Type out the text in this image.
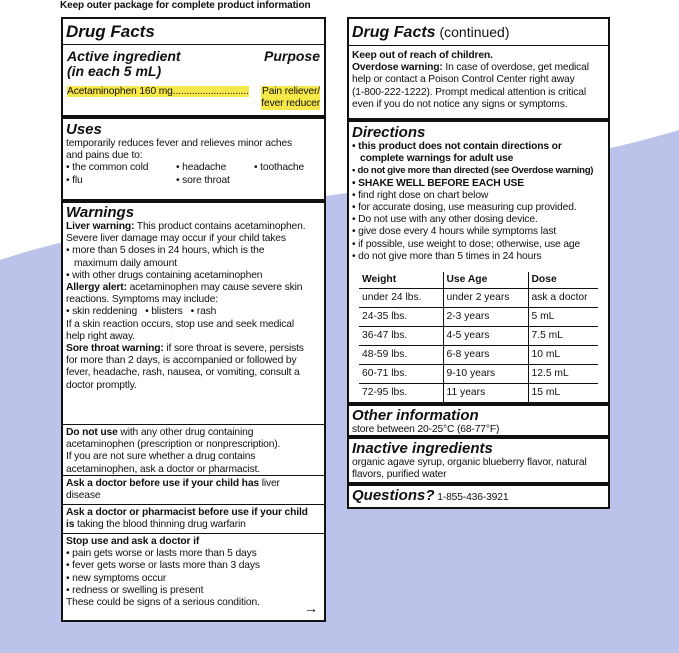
Keep outer package for complete product information
Drug Facts
Active ingredient
(in each 5 mL)
Purpose
Acetaminophen 160 mg............................	Pain reliever/
fever reducer
Uses
temporarily reduces fever and relieves minor aches
and pains due to:
• the common cold	• headache	• toothache
• flu	• sore throat
Warnings
Liver warning: This product contains acetaminophen.
Severe liver damage may occur if your child takes
• more than 5 doses in 24 hours, which is the
maximum daily amount
• with other drugs containing acetaminophen
Allergy alert: acetaminophen may cause severe skin
reactions. Symptoms may include:
• skin reddening	• blisters	• rash
If a skin reaction occurs, stop use and seek medical
help right away.
Sore throat warning: if sore throat is severe, persists
for more than 2 days, is accompanied or followed by
fever, headache, rash, nausea, or vomiting, consult a
doctor promptly.
Do not use with any other drug containing
acetaminophen (prescription or nonprescription).
If you are not sure whether a drug contains
acetaminophen, ask a doctor or pharmacist.
Ask a doctor before use if your child has liver
disease
Ask a doctor or pharmacist before use if your child
is taking the blood thinning drug warfarin
Stop use and ask a doctor if
• pain gets worse or lasts more than 5 days
• fever gets worse or lasts more than 3 days
• new symptoms occur
• redness or swelling is present
These could be signs of a serious condition.	→
Drug Facts (continued)
Keep out of reach of children.
Overdose warning: In case of overdose, get medical
help or contact a Poison Control Center right away
(1-800-222-1222). Prompt medical attention is critical
even if you do not notice any signs or symptoms.
Directions
• this product does not contain directions or
complete warnings for adult use
• do not give more than directed (see Overdose warning)
• SHAKE WELL BEFORE EACH USE
• find right dose on chart below
• for accurate dosing, use measuring cup provided.
• Do not use with any other dosing device.
• give dose every 4 hours while symptoms last
• if possible, use weight to dose; otherwise, use age
• do not give more than 5 times in 24 hours
Weight	Use Age	Dose
under 24 lbs.	under 2 years	ask a doctor
24-35 lbs.	2-3 years	5 mL
36-47 lbs.	4-5 years	7.5 mL
48-59 lbs.	6-8 years	10 mL
60-71 lbs.	9-10 years	12.5 mL
72-95 lbs.	11 years	15 mL
Other information
store between 20-25°C (68-77°F)
Inactive ingredients
organic agave syrup, organic blueberry flavor, natural
flavors, purified water
Questions? 1-855-436-3921
